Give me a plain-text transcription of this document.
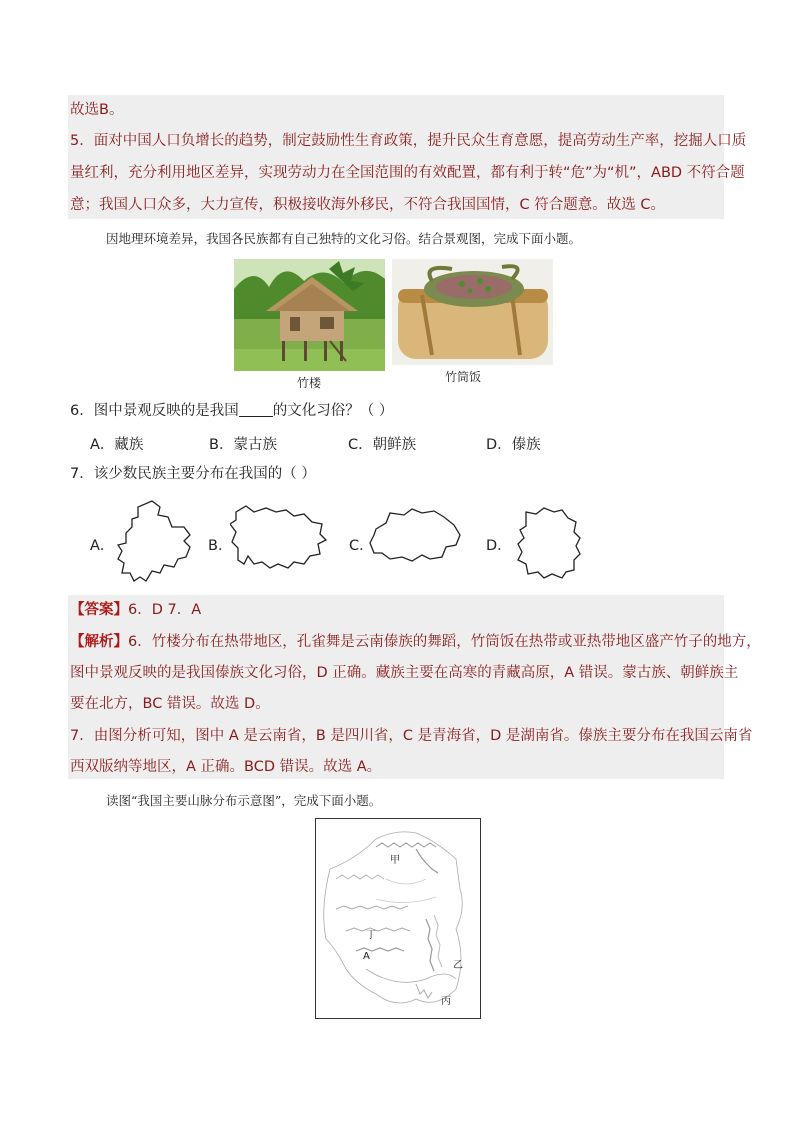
故选B。
5．面对中国人口负增长的趋势，制定鼓励性生育政策，提升民众生育意愿，提高劳动生产率，挖掘人口质
量红利，充分利用地区差异，实现劳动力在全国范围的有效配置，都有利于转“危”为“机”，ABD 不符合题
意；我国人口众多，大力宣传，积极接收海外移民，不符合我国国情，C 符合题意。故选 C。
因地理环境差异，我国各民族都有自己独特的文化习俗。结合景观图，完成下面小题。
竹楼	竹筒饭
6．图中景观反映的是我国 的文化习俗？（ ）
A．藏族	B．蒙古族	C．朝鲜族	D．傣族
7．该少数民族主要分布在我国的（ ）
A．	B．	C．	D．
【答案】6．D 7．A
【解析】6．竹楼分布在热带地区，孔雀舞是云南傣族的舞蹈，竹筒饭在热带或亚热带地区盛产竹子的地方，
图中景观反映的是我国傣族文化习俗，D 正确。藏族主要在高寒的青藏高原，A 错误。蒙古族、朝鲜族主
要在北方，BC 错误。故选 D。
7．由图分析可知，图中 A 是云南省，B 是四川省，C 是青海省，D 是湖南省。傣族主要分布在我国云南省
西双版纳等地区，A 正确。BCD 错误。故选 A。
读图“我国主要山脉分布示意图”，完成下面小题。
甲
丁
A
乙
丙
